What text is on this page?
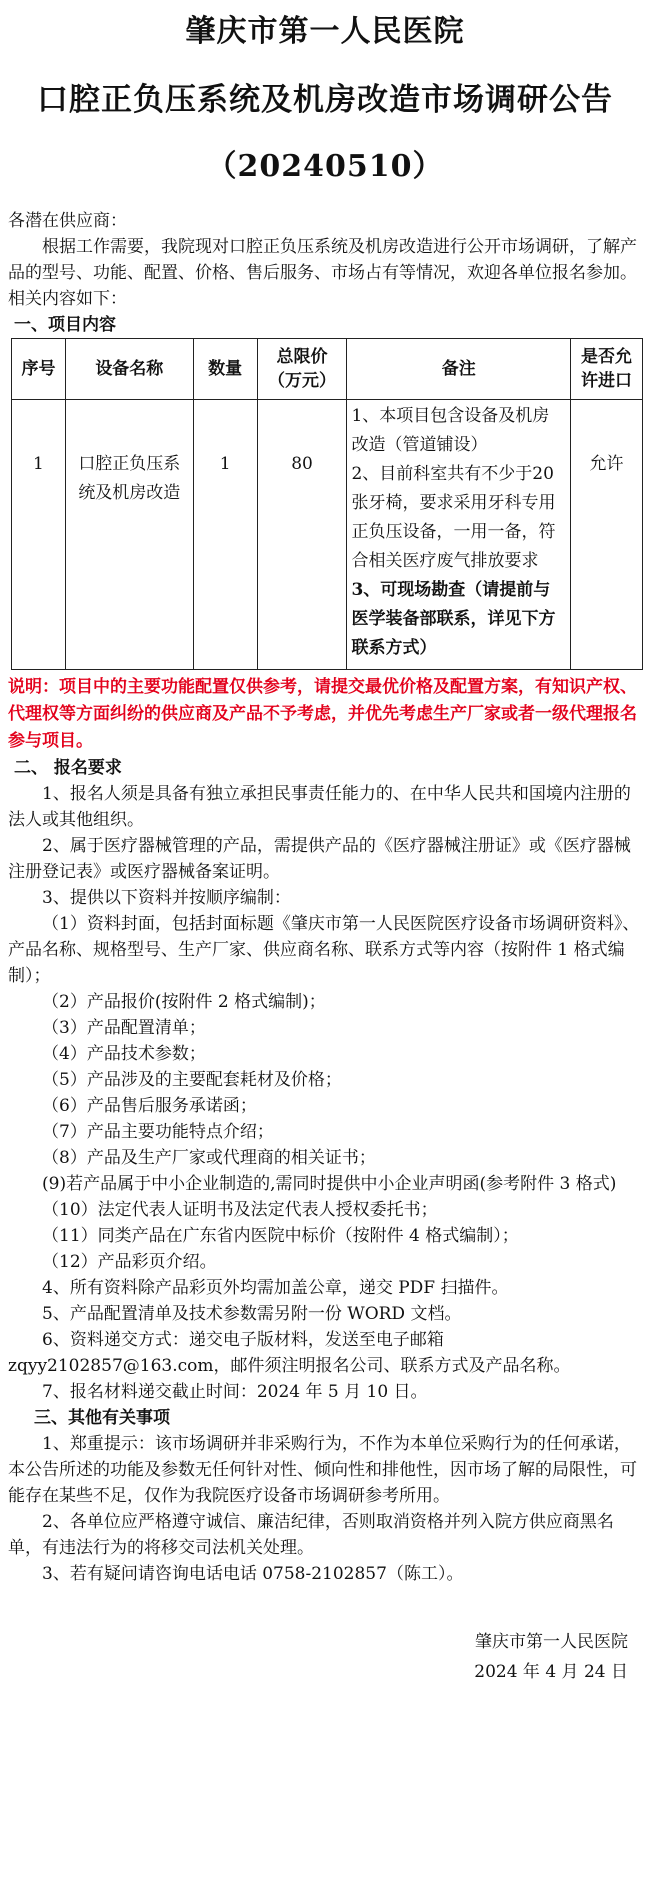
肇庆市第一人民医院
口腔正负压系统及机房改造市场调研公告
（20240510）
各潜在供应商：
根据工作需要，我院现对口腔正负压系统及机房改造进行公开市场调研，了解产品的型号、功能、配置、价格、售后服务、市场占有等情况，欢迎各单位报名参加。相关内容如下：
一、项目内容
序号	设备名称	数量	总限价
（万元）	备注	是否允
许进口
1	口腔正负压系统及机房改造	1	80	1、本项目包含设备及机房改造（管道铺设）
2、目前科室共有不少于20张牙椅，要求采用牙科专用正负压设备，一用一备，符合相关医疗废气排放要求
3、可现场勘查（请提前与医学装备部联系，详见下方联系方式）	允许
说明：项目中的主要功能配置仅供参考，请提交最优价格及配置方案，有知识产权、代理权等方面纠纷的供应商及产品不予考虑，并优先考虑生产厂家或者一级代理报名参与项目。
二、 报名要求
1、报名人须是具备有独立承担民事责任能力的、在中华人民共和国境内注册的法人或其他组织。
2、属于医疗器械管理的产品，需提供产品的《医疗器械注册证》或《医疗器械注册登记表》或医疗器械备案证明。
3、提供以下资料并按顺序编制：
（1）资料封面，包括封面标题《肇庆市第一人民医院医疗设备市场调研资料》、产品名称、规格型号、生产厂家、供应商名称、联系方式等内容（按附件 1 格式编制）；
（2）产品报价(按附件 2 格式编制)；
（3）产品配置清单；
（4）产品技术参数；
（5）产品涉及的主要配套耗材及价格；
（6）产品售后服务承诺函；
（7）产品主要功能特点介绍；
（8）产品及生产厂家或代理商的相关证书；
(9)若产品属于中小企业制造的,需同时提供中小企业声明函(参考附件 3 格式)
（10）法定代表人证明书及法定代表人授权委托书；
（11）同类产品在广东省内医院中标价（按附件 4 格式编制）；
（12）产品彩页介绍。
4、所有资料除产品彩页外均需加盖公章，递交 PDF 扫描件。
5、产品配置清单及技术参数需另附一份 WORD 文档。
6、资料递交方式：递交电子版材料，发送至电子邮箱 zqyy2102857@163.com，邮件须注明报名公司、联系方式及产品名称。
7、报名材料递交截止时间：2024 年 5 月 10 日。
三、其他有关事项
1、郑重提示：该市场调研并非采购行为，不作为本单位采购行为的任何承诺，本公告所述的功能及参数无任何针对性、倾向性和排他性，因市场了解的局限性，可能存在某些不足，仅作为我院医疗设备市场调研参考所用。
2、各单位应严格遵守诚信、廉洁纪律，否则取消资格并列入院方供应商黑名单，有违法行为的将移交司法机关处理。
3、若有疑问请咨询电话电话 0758-2102857（陈工）。
肇庆市第一人民医院
2024 年 4 月 24 日
